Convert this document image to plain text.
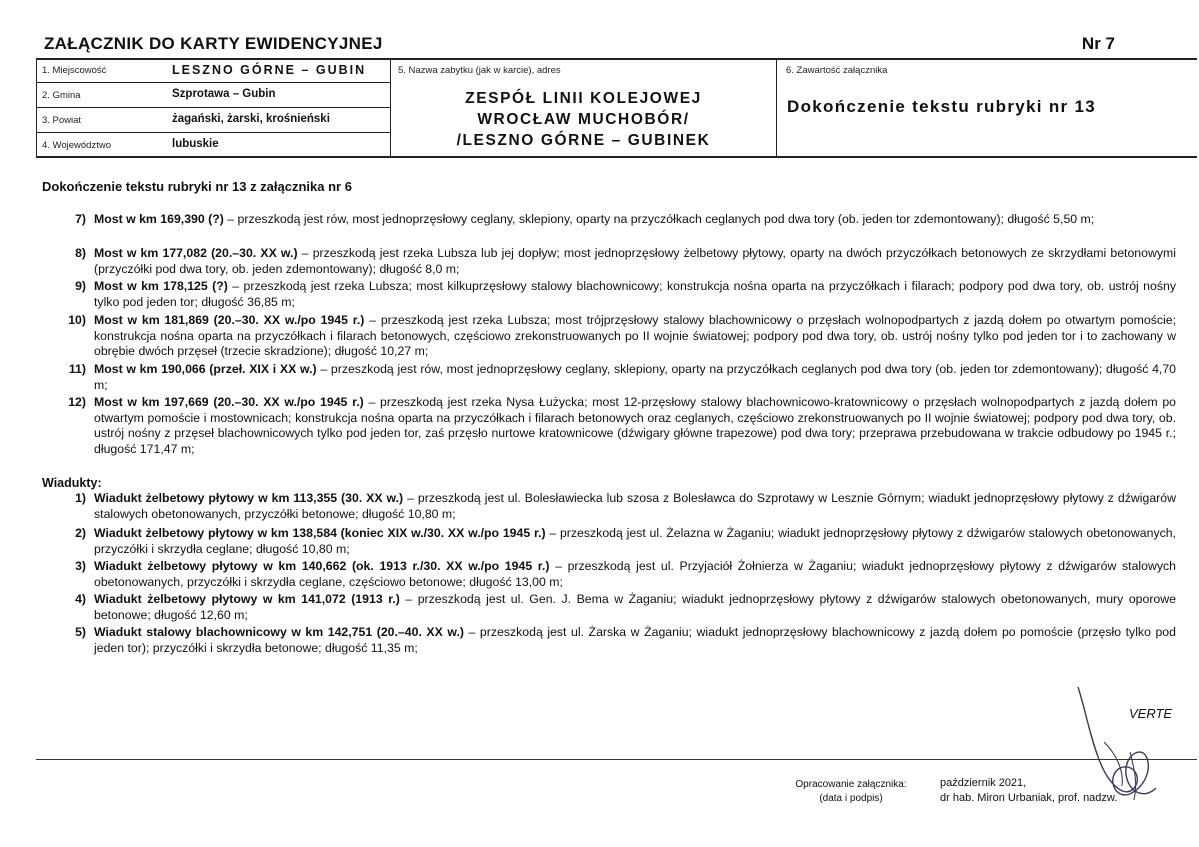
ZAŁĄCZNIK DO KARTY EWIDENCYJNEJ	Nr 7
1. Miejscowość	LESZNO GÓRNE – GUBIN
2. Gmina	Szprotawa – Gubin
3. Powiat	żagański, żarski, krośnieński
4. Województwo	lubuskie
5. Nazwa zabytku (jak w karcie), adres
ZESPÓŁ LINII KOLEJOWEJ
WROCŁAW MUCHOBÓR/
/LESZNO GÓRNE – GUBINEK
6. Zawartość załącznika
Dokończenie tekstu rubryki nr 13
Dokończenie tekstu rubryki nr 13 z załącznika nr 6
7) Most w km 169,390 (?) – przeszkodą jest rów, most jednoprzęsłowy ceglany, sklepiony, oparty na przyczółkach ceglanych pod dwa tory (ob. jeden tor zdemontowany); długość 5,50 m;
8) Most w km 177,082 (20.–30. XX w.) – przeszkodą jest rzeka Lubsza lub jej dopływ; most jednoprzęsłowy żelbetowy płytowy, oparty na dwóch przyczółkach betonowych ze skrzydłami betonowymi (przyczółki pod dwa tory, ob. jeden zdemontowany); długość 8,0 m;
9) Most w km 178,125 (?) – przeszkodą jest rzeka Lubsza; most kilkuprzęsłowy stalowy blachownicowy; konstrukcja nośna oparta na przyczółkach i filarach; podpory pod dwa tory, ob. ustrój nośny tylko pod jeden tor; długość 36,85 m;
10) Most w km 181,869 (20.–30. XX w./po 1945 r.) – przeszkodą jest rzeka Lubsza; most trójprzęsłowy stalowy blachownicowy o przęsłach wolnopodpartych z jazdą dołem po otwartym pomoście; konstrukcja nośna oparta na przyczółkach i filarach betonowych, częściowo zrekonstruowanych po II wojnie światowej; podpory pod dwa tory, ob. ustrój nośny tylko pod jeden tor i to zachowany w obrębie dwóch przęseł (trzecie skradzione); długość 10,27 m;
11) Most w km 190,066 (przeł. XIX i XX w.) – przeszkodą jest rów, most jednoprzęsłowy ceglany, sklepiony, oparty na przyczółkach ceglanych pod dwa tory (ob. jeden tor zdemontowany); długość 4,70 m;
12) Most w km 197,669 (20.–30. XX w./po 1945 r.) – przeszkodą jest rzeka Nysa Łużycka; most 12-przęsłowy stalowy blachownicowo-kratownicowy o przęsłach wolnopodpartych z jazdą dołem po otwartym pomoście i mostownicach; konstrukcja nośna oparta na przyczółkach i filarach betonowych oraz ceglanych, częściowo zrekonstruowanych po II wojnie światowej; podpory pod dwa tory, ob. ustrój nośny z przęseł blachownicowych tylko pod jeden tor, zaś przęsło nurtowe kratownicowe (dźwigary główne trapezowe) pod dwa tory; przeprawa przebudowana w trakcie odbudowy po 1945 r.; długość 171,47 m;
Wiadukty:
1) Wiadukt żelbetowy płytowy w km 113,355 (30. XX w.) – przeszkodą jest ul. Bolesławiecka lub szosa z Bolesławca do Szprotawy w Lesznie Górnym; wiadukt jednoprzęsłowy płytowy z dźwigarów stalowych obetonowanych, przyczółki betonowe; długość 10,80 m;
2) Wiadukt żelbetowy płytowy w km 138,584 (koniec XIX w./30. XX w./po 1945 r.) – przeszkodą jest ul. Żelazna w Żaganiu; wiadukt jednoprzęsłowy płytowy z dźwigarów stalowych obetonowanych, przyczółki i skrzydła ceglane; długość 10,80 m;
3) Wiadukt żelbetowy płytowy w km 140,662 (ok. 1913 r./30. XX w./po 1945 r.) – przeszkodą jest ul. Przyjaciół Żołnierza w Żaganiu; wiadukt jednoprzęsłowy płytowy z dźwigarów stalowych obetonowanych, przyczółki i skrzydła ceglane, częściowo betonowe; długość 13,00 m;
4) Wiadukt żelbetowy płytowy w km 141,072 (1913 r.) – przeszkodą jest ul. Gen. J. Bema w Żaganiu; wiadukt jednoprzęsłowy płytowy z dźwigarów stalowych obetonowanych, mury oporowe betonowe; długość 12,60 m;
5) Wiadukt stalowy blachownicowy w km 142,751 (20.–40. XX w.) – przeszkodą jest ul. Żarska w Żaganiu; wiadukt jednoprzęsłowy blachownicowy z jazdą dołem po pomoście (przęsło tylko pod jeden tor); przyczółki i skrzydła betonowe; długość 11,35 m;
VERTE
Opracowanie załącznika:
(data i podpis)
październik 2021,
dr hab. Miron Urbaniak, prof. nadzw.
